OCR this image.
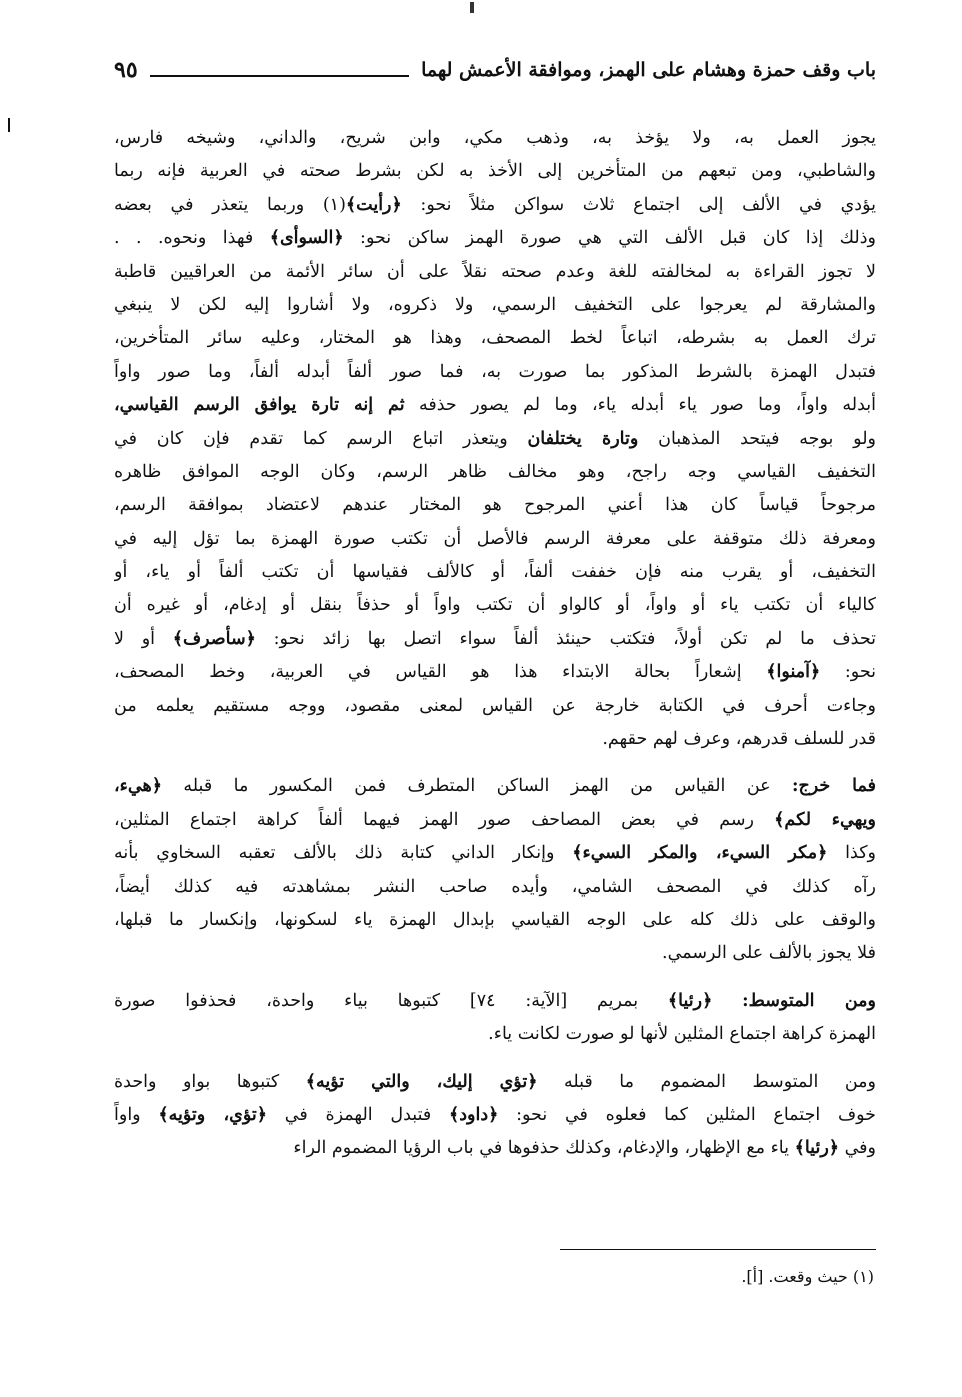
باب وقف حمزة وهشام على الهمز، وموافقة الأعمش لهما
٩٥
يجوز العمل به، ولا يؤخذ به، وذهب مكي، وابن شريح، والداني، وشيخه فارس،
والشاطبي، ومن تبعهم من المتأخرين إلى الأخذ به لكن بشرط صحته في العربية فإنه ربما
يؤدي في الألف إلى اجتماع ثلاث سواكن مثلاً نحو: ﴿رأيت﴾(١) وربما يتعذر في بعضه
وذلك إذا كان قبل الألف التي هي صورة الهمز ساكن نحو: ﴿السوأى﴾ فهذا ونحوه. . .
لا تجوز القراءة به لمخالفته للغة وعدم صحته نقلاً على أن سائر الأئمة من العراقيين قاطبة
والمشارقة لم يعرجوا على التخفيف الرسمي، ولا ذكروه، ولا أشاروا إليه لكن لا ينبغي
ترك العمل به بشرطه، اتباعاً لخط المصحف، وهذا هو المختار، وعليه سائر المتأخرين،
فتبدل الهمزة بالشرط المذكور بما صورت به، فما صور ألفاً أبدله ألفاً، وما صور واواً
أبدله واواً، وما صور ياء أبدله ياء، وما لم يصور حذفه ثم إنه تارة يوافق الرسم القياسي،
ولو بوجه فيتحد المذهبان وتارة يختلفان ويتعذر اتباع الرسم كما تقدم فإن كان في
التخفيف القياسي وجه راجح، وهو مخالف ظاهر الرسم، وكان الوجه الموافق ظاهره
مرجوحاً قياساً كان هذا أعني المرجوح هو المختار عندهم لاعتضاد بموافقة الرسم،
ومعرفة ذلك متوقفة على معرفة الرسم فالأصل أن تكتب صورة الهمزة بما تؤل إليه في
التخفيف، أو يقرب منه فإن خففت ألفاً، أو كالألف فقياسها أن تكتب ألفاً أو ياء، أو
كالياء أن تكتب ياء أو واواً، أو كالواو أن تكتب واواً أو حذفاً بنقل أو إدغام، أو غيره أن
تحذف ما لم تكن أولاً، فتكتب حينئذ ألفاً سواء اتصل بها زائد نحو: ﴿سأصرف﴾ أو لا
نحو: ﴿آمنوا﴾ إشعاراً بحالة الابتداء هذا هو القياس في العربية، وخط المصحف،
وجاءت أحرف في الكتابة خارجة عن القياس لمعنى مقصود، ووجه مستقيم يعلمه من
قدر للسلف قدرهم، وعرف لهم حقهم.
فما خرج: عن القياس من الهمز الساكن المتطرف فمن المكسور ما قبله ﴿هيء،
ويهيء لكم﴾ رسم في بعض المصاحف صور الهمز فيهما ألفاً كراهة اجتماع المثلين،
وكذا ﴿مكر السيء، والمكر السيء﴾ وإنكار الداني كتابة ذلك بالألف تعقبه السخاوي بأنه
رآه كذلك في المصحف الشامي، وأيده صاحب النشر بمشاهدته فيه كذلك أيضاً،
والوقف على ذلك كله على الوجه القياسي بإبدال الهمزة ياء لسكونها، وإنكسار ما قبلها،
فلا يجوز بالألف على الرسمي.
ومن المتوسط: ﴿رئيا﴾ بمريم [الآية: ٧٤] كتبوها بياء واحدة، فحذفوا صورة
الهمزة كراهة اجتماع المثلين لأنها لو صورت لكانت ياء.
ومن المتوسط المضموم ما قبله ﴿تؤي إليك، والتي تؤيه﴾ كتبوها بواو واحدة
خوف اجتماع المثلين كما فعلوه في نحو: ﴿داود﴾ فتبدل الهمزة في ﴿تؤي، وتؤيه﴾ واواً
وفي ﴿رئيا﴾ ياء مع الإظهار، والإدغام، وكذلك حذفوها في باب الرؤيا المضموم الراء
(١) حيث وقعت. [أ].
